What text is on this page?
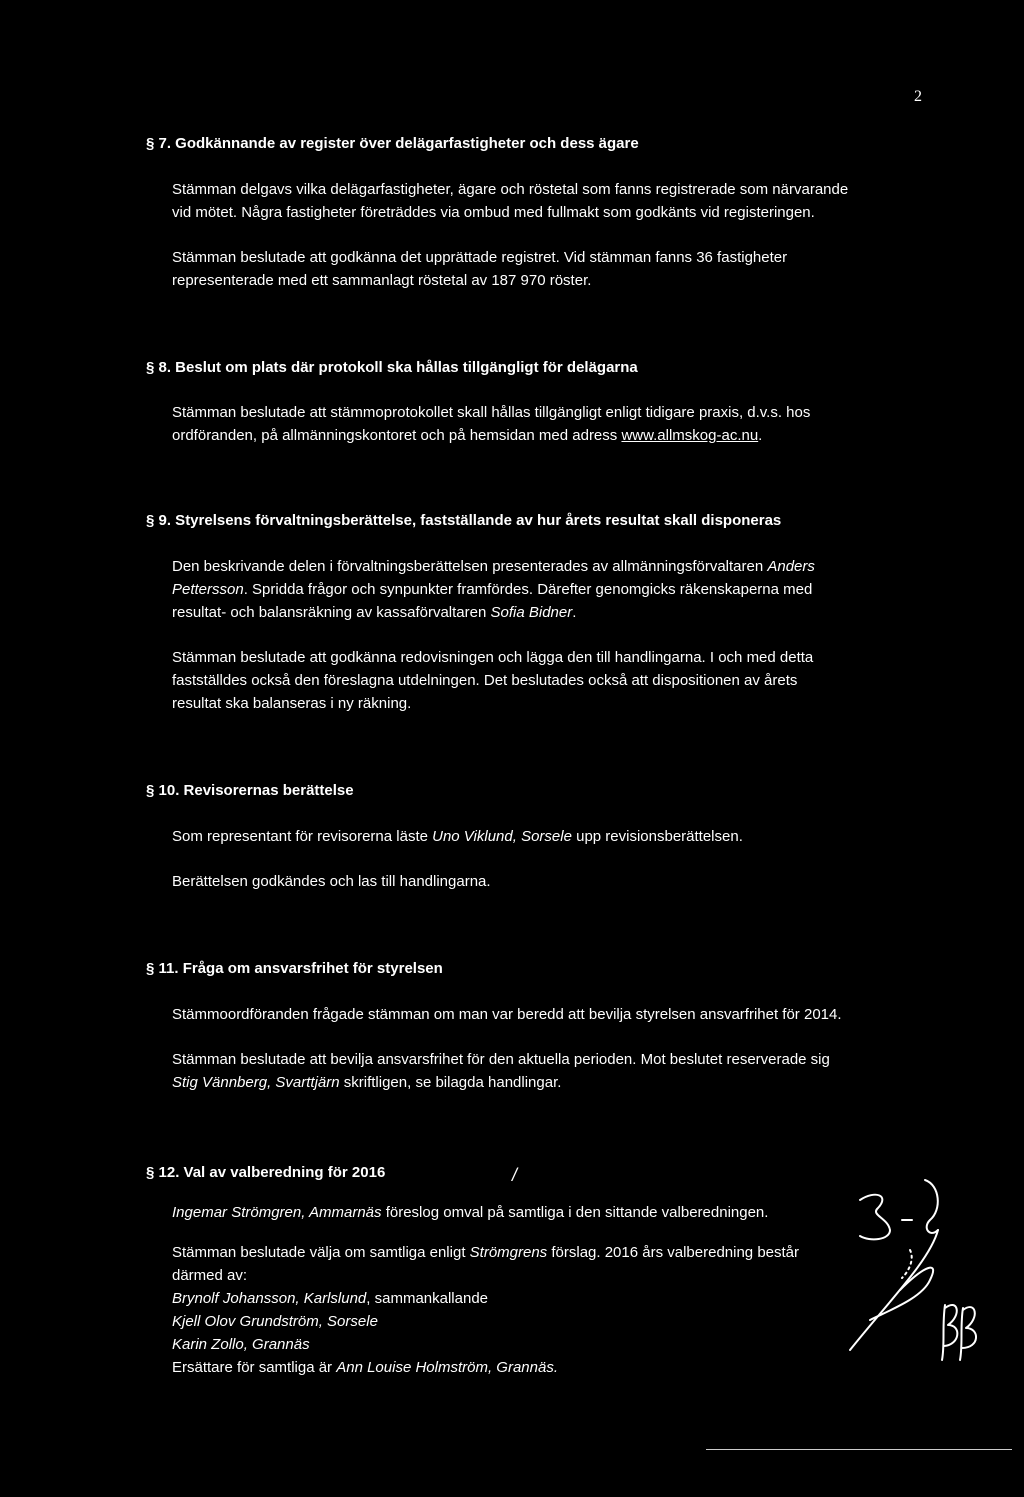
2

§ 7. Godkännande av register över delägarfastigheter och dess ägare

Stämman delgavs vilka delägarfastigheter, ägare och röstetal som fanns registrerade som närvarande

vid mötet. Några fastigheter företräddes via ombud med fullmakt som godkänts vid registeringen.

Stämman beslutade att godkänna det upprättade registret. Vid stämman fanns 36 fastigheter

representerade med ett sammanlagt röstetal av 187 970 röster.

§ 8. Beslut om plats där protokoll ska hållas tillgängligt för delägarna

Stämman beslutade att stämmoprotokollet skall hållas tillgängligt enligt tidigare praxis, d.v.s. hos

ordföranden, på allmänningskontoret och på hemsidan med adress www.allmskog-ac.nu.

§ 9. Styrelsens förvaltningsberättelse, fastställande av hur årets resultat skall disponeras

Den beskrivande delen i förvaltningsberättelsen presenterades av allmänningsförvaltaren Anders

Pettersson. Spridda frågor och synpunkter framfördes. Därefter genomgicks räkenskaperna med

resultat- och balansräkning av kassaförvaltaren Sofia Bidner.

Stämman beslutade att godkänna redovisningen och lägga den till handlingarna. I och med detta

fastställdes också den föreslagna utdelningen. Det beslutades också att dispositionen av årets

resultat ska balanseras i ny räkning.

§ 10. Revisorernas berättelse

Som representant för revisorerna läste Uno Viklund, Sorsele upp revisionsberättelsen.

Berättelsen godkändes och las till handlingarna.

§ 11. Fråga om ansvarsfrihet för styrelsen

Stämmoordföranden frågade stämman om man var beredd att bevilja styrelsen ansvarfrihet för 2014.

Stämman beslutade att bevilja ansvarsfrihet för den aktuella perioden. Mot beslutet reserverade sig

Stig Vännberg, Svarttjärn skriftligen, se bilagda handlingar.

§ 12. Val av valberedning för 2016	/

Ingemar Strömgren, Ammarnäs föreslog omval på samtliga i den sittande valberedningen.

Stämman beslutade välja om samtliga enligt Strömgrens förslag. 2016 års valberedning består

därmed av:

Brynolf Johansson, Karlslund, sammankallande

Kjell Olov Grundström, Sorsele

Karin Zollo, Grannäs

Ersättare för samtliga är Ann Louise Holmström, Grannäs.
